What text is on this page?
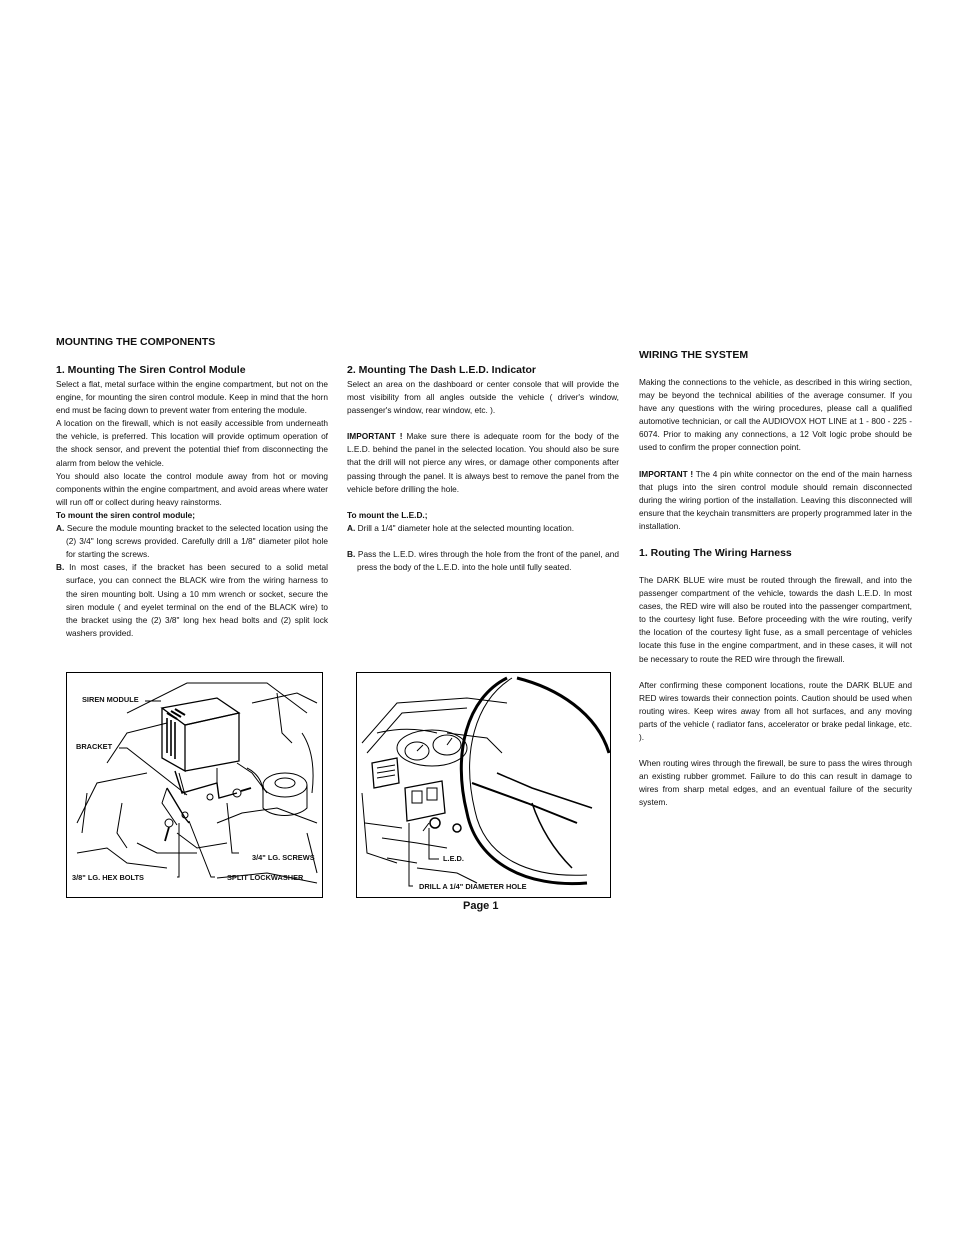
MOUNTING THE COMPONENTS
1. Mounting The Siren Control Module

Select a flat, metal surface within the engine compartment, but not on the engine, for mounting the siren control module. Keep in mind that the horn end must be facing down to prevent water from entering the module.

A location on the firewall, which is not easily accessible from underneath the vehicle, is preferred. This location will provide optimum operation of the shock sensor, and prevent the potential thief from disconnecting the alarm from below the vehicle.

You should also locate the control module away from hot or moving components within the engine compartment, and avoid areas where water will run off or collect during heavy rainstorms.

To mount the siren control module;

A. Secure the module mounting bracket to the selected location using the (2) 3/4" long screws provided. Carefully drill a 1/8" diameter pilot hole for starting the screws.

B. In most cases, if the bracket has been secured to a solid metal surface, you can connect the BLACK wire from the wiring harness to the siren mounting bolt. Using a 10 mm wrench or socket, secure the siren module ( and eyelet terminal on the end of the BLACK wire) to the bracket using the (2) 3/8" long hex head bolts and (2) split lock washers provided.

2. Mounting The Dash L.E.D. Indicator

Select an area on the dashboard or center console that will provide the most visibility from all angles outside the vehicle ( driver's window, passenger's window, rear window, etc. ).

IMPORTANT ! Make sure there is adequate room for the body of the L.E.D. behind the panel in the selected location. You should also be sure that the drill will not pierce any wires, or damage other components after passing through the panel. It is always best to remove the panel from the vehicle before drilling the hole.

To mount the L.E.D.;

A. Drill a 1/4" diameter hole at the selected mounting location.

B. Pass the L.E.D. wires through the hole from the front of the panel, and press the body of the L.E.D. into the hole until fully seated.

WIRING THE SYSTEM

Making the connections to the vehicle, as described in this wiring section, may be beyond the technical abilities of the average consumer. If you have any questions with the wiring procedures, please call a qualified automotive technician, or call the AUDIOVOX HOT LINE at 1 - 800 - 225 - 6074. Prior to making any connections, a 12 Volt logic probe should be used to confirm the proper connection point.

IMPORTANT ! The 4 pin white connector on the end of the main harness that plugs into the siren control module should remain disconnected during the wiring portion of the installation. Leaving this disconnected will ensure that the keychain transmitters are properly programmed later in the installation.

1. Routing The Wiring Harness

The DARK BLUE wire must be routed through the firewall, and into the passenger compartment of the vehicle, towards the dash L.E.D. In most cases, the RED wire will also be routed into the passenger compartment, to the courtesy light fuse. Before proceeding with the wire routing, verify the location of the courtesy light fuse, as a small percentage of vehicles locate this fuse in the engine compartment, and in these cases, it will not be necessary to route the RED wire through the firewall.

After confirming these component locations, route the DARK BLUE and RED wires towards their connection points. Caution should be used when routing wires. Keep wires away from all hot surfaces, and any moving parts of the vehicle ( radiator fans, accelerator or brake pedal linkage, etc. ).

When routing wires through the firewall, be sure to pass the wires through an existing rubber grommet. Failure to do this can result in damage to wires from sharp metal edges, and an eventual failure of the security system.

SIREN MODULE
BRACKET
3/4" LG. SCREWS
3/8" LG. HEX BOLTS	SPLIT LOCKWASHER
L.E.D.
DRILL A 1/4" DIAMETER HOLE
Page 1
